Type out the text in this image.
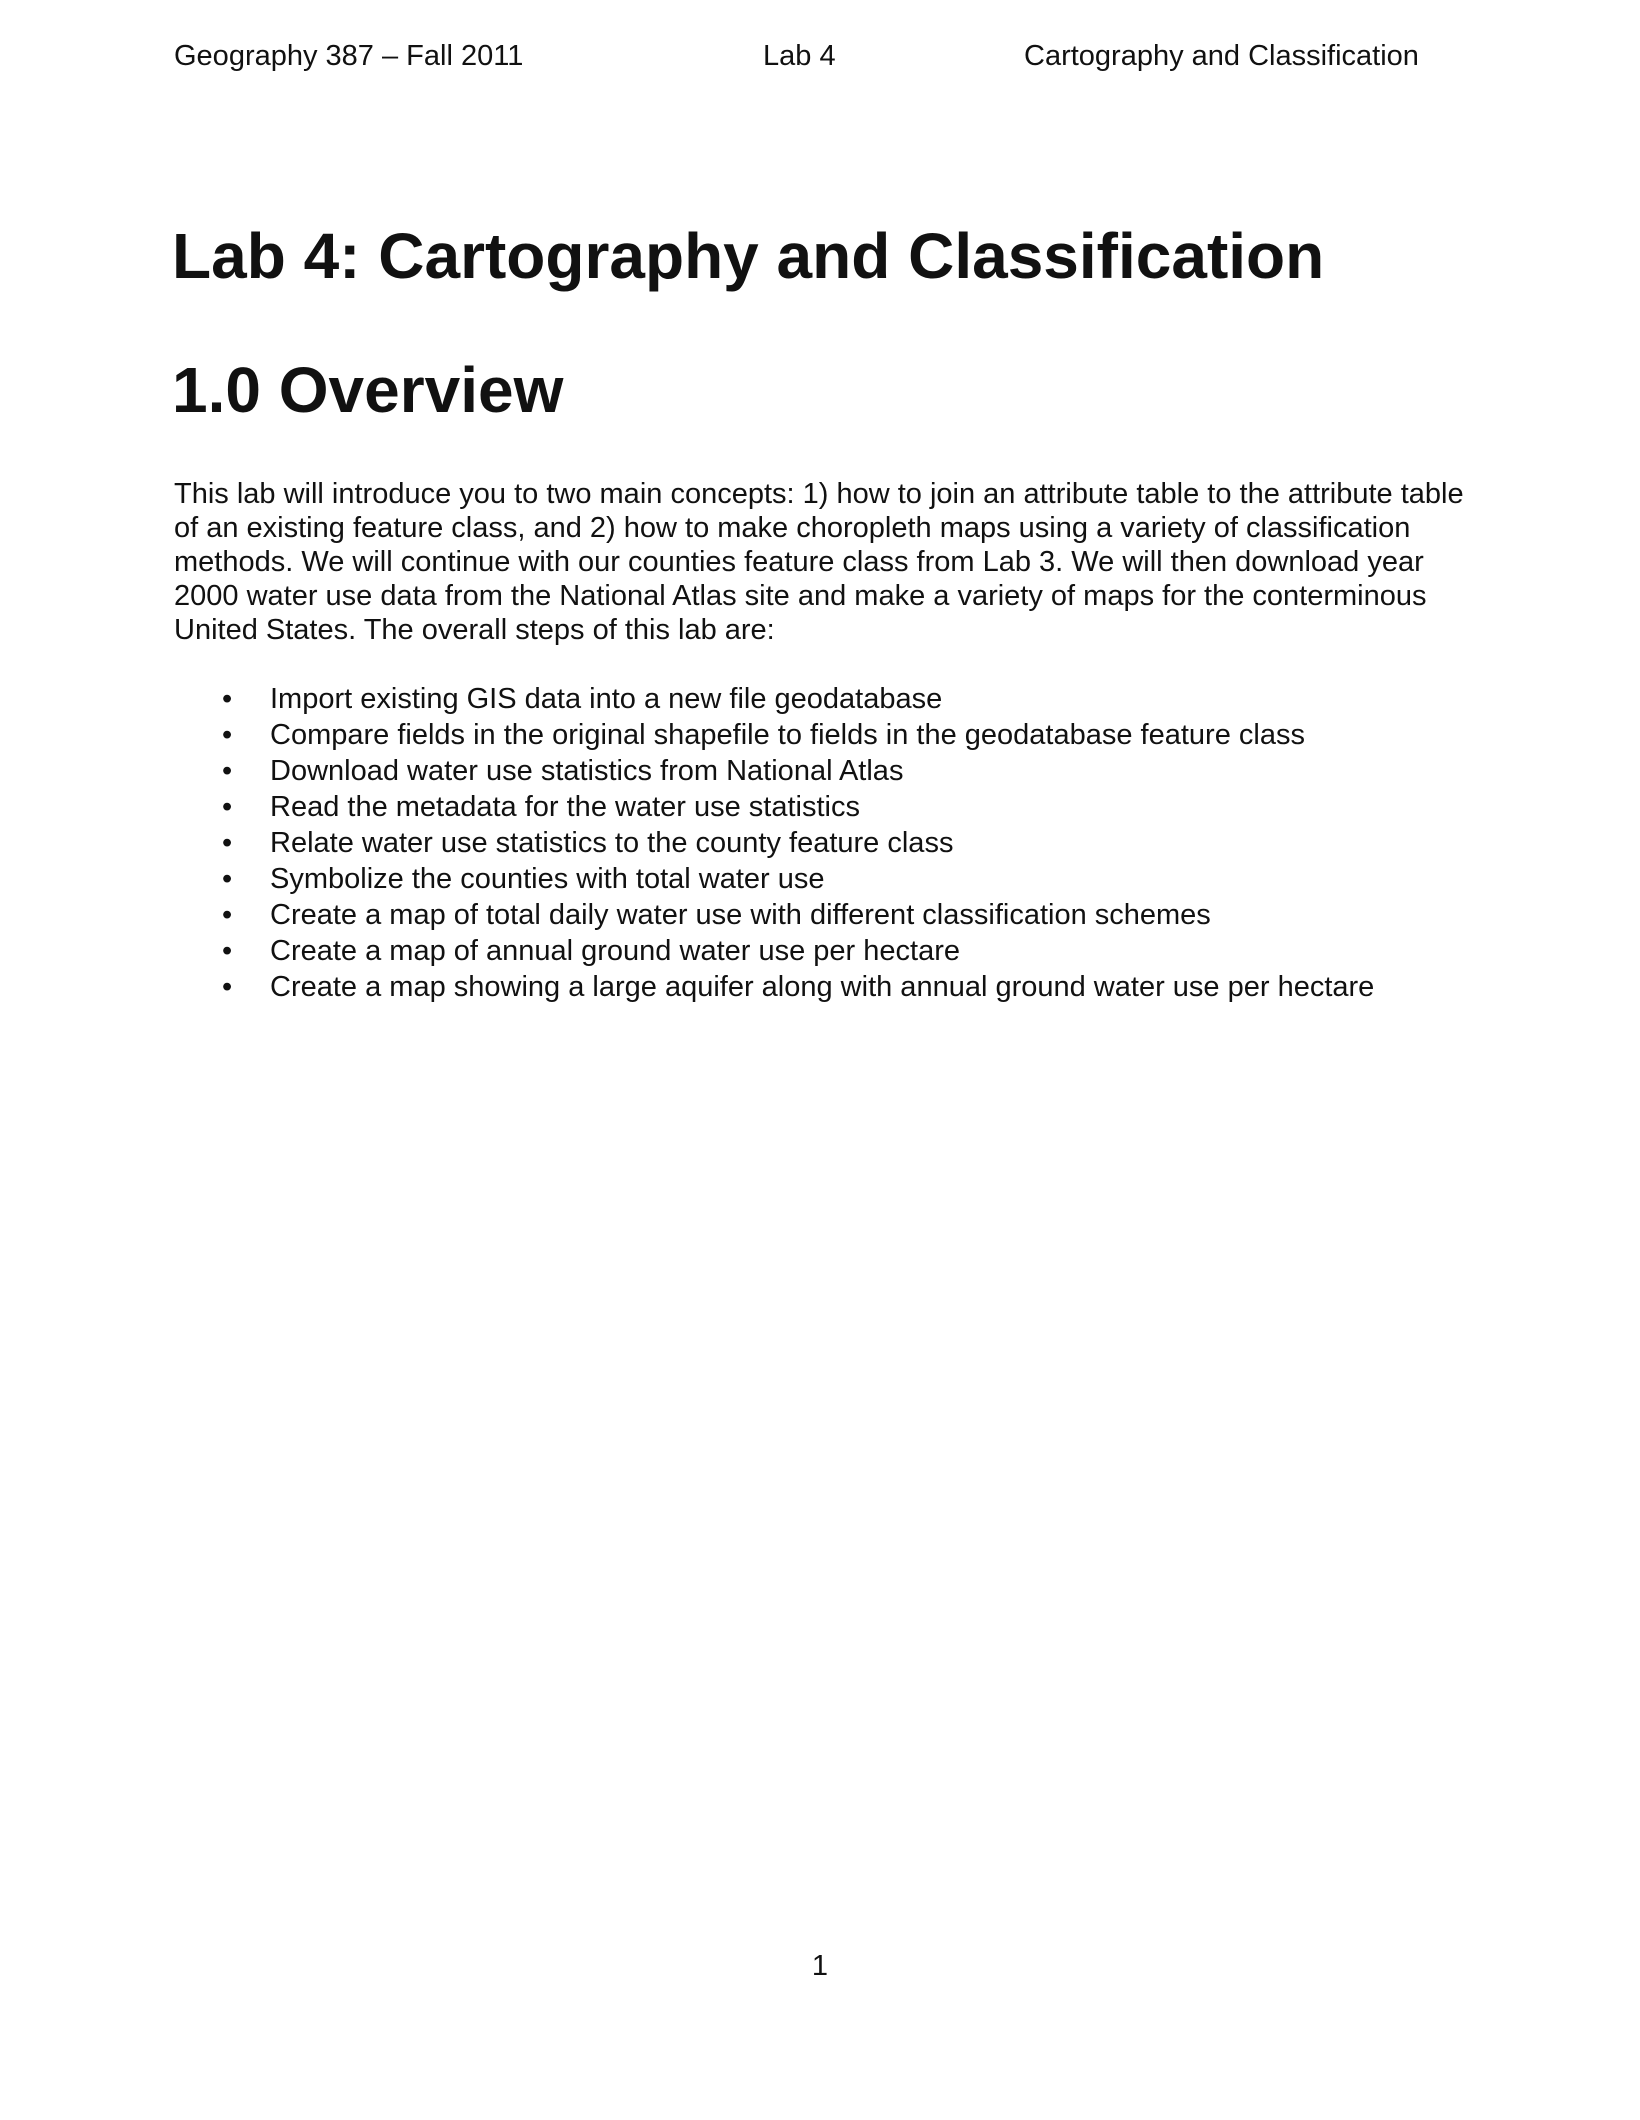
Geography 387 – Fall 2011	Lab 4	Cartography and Classification
Lab 4: Cartography and Classification
1.0 Overview

This lab will introduce you to two main concepts: 1) how to join an attribute table to the attribute table of an existing feature class, and 2) how to make choropleth maps using a variety of classification methods. We will continue with our counties feature class from Lab 3. We will then download year 2000 water use data from the National Atlas site and make a variety of maps for the conterminous United States. The overall steps of this lab are:

• Import existing GIS data into a new file geodatabase
• Compare fields in the original shapefile to fields in the geodatabase feature class
• Download water use statistics from National Atlas
• Read the metadata for the water use statistics
• Relate water use statistics to the county feature class
• Symbolize the counties with total water use
• Create a map of total daily water use with different classification schemes
• Create a map of annual ground water use per hectare
• Create a map showing a large aquifer along with annual ground water use per hectare
1
